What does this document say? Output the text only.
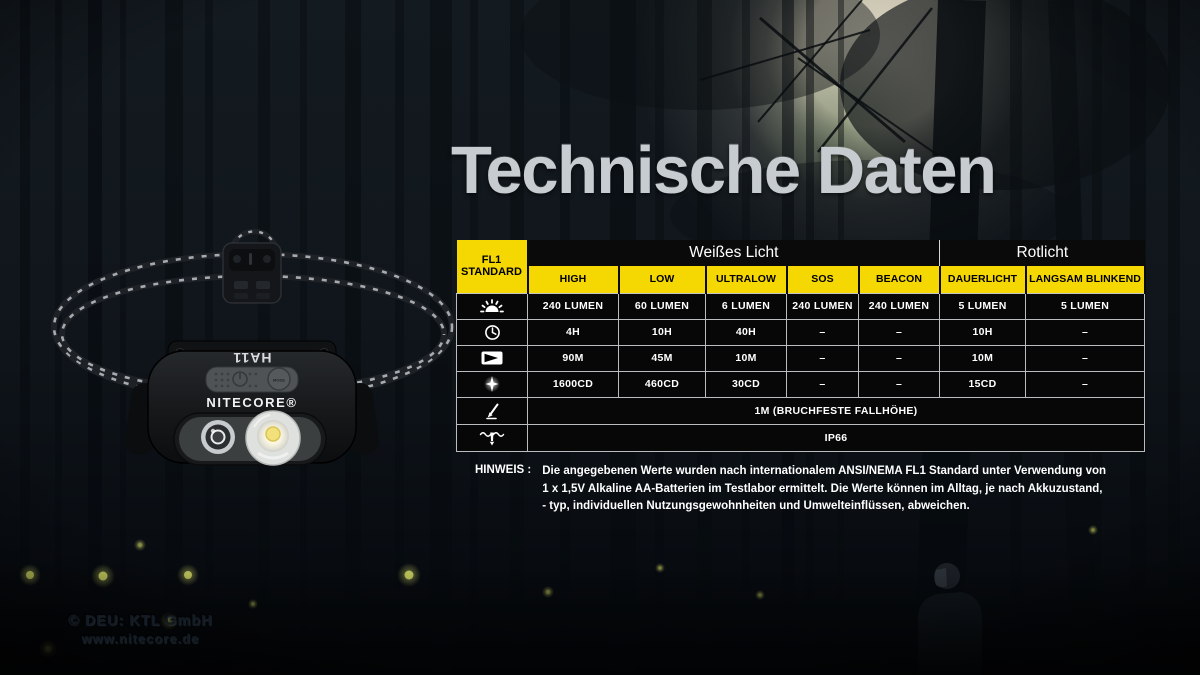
HA11
MODE
NITECORE®
Technische Daten
FL1 STANDARD	Weißes Licht					Rotlicht	
	HIGH	LOW	ULTRALOW	SOS	BEACON	DAUERLICHT	LANGSAM BLINKEND

	240 LUMEN	60 LUMEN	6 LUMEN	240 LUMEN	240 LUMEN	5 LUMEN	5 LUMEN

	4H	10H	40H	–	–	10H	–

	90M	45M	10M	–	–	10M	–

	1600CD	460CD	30CD	–	–	15CD	–

	1M (BRUCHFESTE FALLHÖHE)						

	IP66						
HINWEIS : Die angegebenen Werte wurden nach internationalem ANSI/NEMA FL1 Standard unter Verwendung von
1 x 1,5V Alkaline AA-Batterien im Testlabor ermittelt. Die Werte können im Alltag, je nach Akkuzustand,
- typ, individuellen Nutzungsgewohnheiten und Umwelteinflüssen, abweichen.
© DEU: KTL GmbH
www.nitecore.de
